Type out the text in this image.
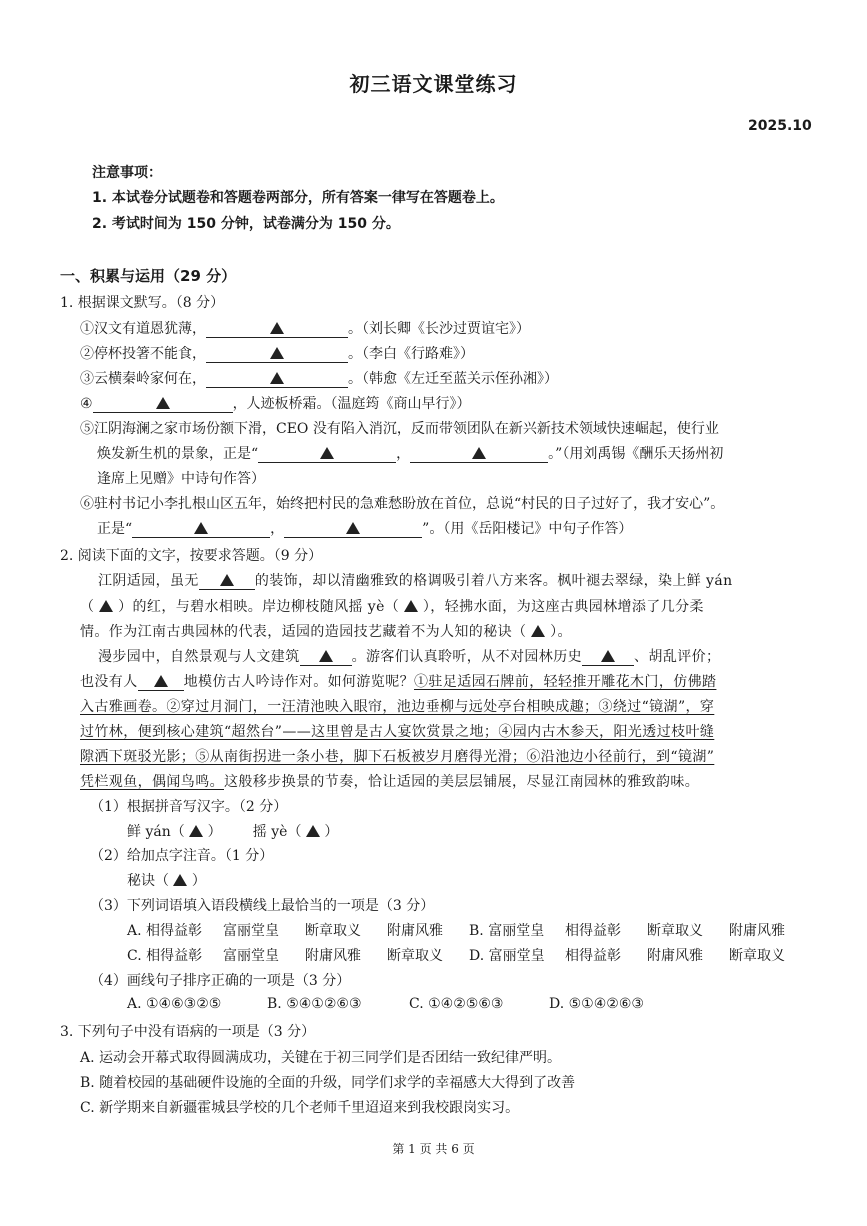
初三语文课堂练习
2025.10
注意事项：
1. 本试卷分试题卷和答题卷两部分，所有答案一律写在答题卷上。
2. 考试时间为 150 分钟，试卷满分为 150 分。
一、积累与运用（29 分）
1. 根据课文默写。（8 分）
①汉文有道恩犹薄，	。（刘长卿《长沙过贾谊宅》）
②停杯投箸不能食，	。（李白《行路难》）
③云横秦岭家何在，	。（韩愈《左迁至蓝关示侄孙湘》）
④	，人迹板桥霜。（温庭筠《商山早行》）
⑤江阴海澜之家市场份额下滑，CEO 没有陷入消沉，反而带领团队在新兴新技术领域快速崛起，使行业
焕发新生机的景象，正是“	，	。”（用刘禹锡《酬乐天扬州初
逢席上见赠》中诗句作答）
⑥驻村书记小李扎根山区五年，始终把村民的急难愁盼放在首位，总说“村民的日子过好了，我才安心”。
正是“	，	”。（用《岳阳楼记》中句子作答）
2. 阅读下面的文字，按要求答题。（9 分）
江阴适园，虽无	的装饰，却以清幽雅致的格调吸引着八方来客。枫叶褪去翠绿，染上鲜 yán
（ ）的红，与碧水相映。岸边柳枝随风摇 yè（ ），轻拂水面，为这座古典园林增添了几分柔
情。作为江南古典园林的代表，适园的造园技艺藏着不为人知的秘诀（ ）。
漫步园中，自然景观与人文建筑	。游客们认真聆听，从不对园林历史	、胡乱评价；
也没有人	地模仿古人吟诗作对。如何游览呢？①驻足适园石牌前，轻轻推开雕花木门，仿佛踏
入古雅画卷。②穿过月洞门，一汪清池映入眼帘，池边垂柳与远处亭台相映成趣；③绕过“镜湖”，穿
过竹林，便到核心建筑“超然台”——这里曾是古人宴饮赏景之地；④园内古木参天，阳光透过枝叶缝
隙洒下斑驳光影；⑤从南街拐进一条小巷，脚下石板被岁月磨得光滑；⑥沿池边小径前行，到“镜湖”
凭栏观鱼，偶闻鸟鸣。这般移步换景的节奏，恰让适园的美层层铺展，尽显江南园林的雅致韵味。
（1）根据拼音写汉字。（2 分）
鲜 yán（ ） 摇 yè（ ）
（2）给加点字注音。（1 分）
秘诀（ ）
（3）下列词语填入语段横线上最恰当的一项是（3 分）
A. 相得益彰 富丽堂皇 断章取义 附庸风雅 B. 富丽堂皇 相得益彰 断章取义 附庸风雅
C. 相得益彰 富丽堂皇 附庸风雅 断章取义 D. 富丽堂皇 相得益彰 附庸风雅 断章取义
（4）画线句子排序正确的一项是（3 分）
A. ①④⑥③②⑤	B. ⑤④①②⑥③	C. ①④②⑤⑥③	D. ⑤①④②⑥③
3. 下列句子中没有语病的一项是（3 分）
A. 运动会开幕式取得圆满成功，关键在于初三同学们是否团结一致纪律严明。
B. 随着校园的基础硬件设施的全面的升级，同学们求学的幸福感大大得到了改善
C. 新学期来自新疆霍城县学校的几个老师千里迢迢来到我校跟岗实习。
第 1 页 共 6 页
